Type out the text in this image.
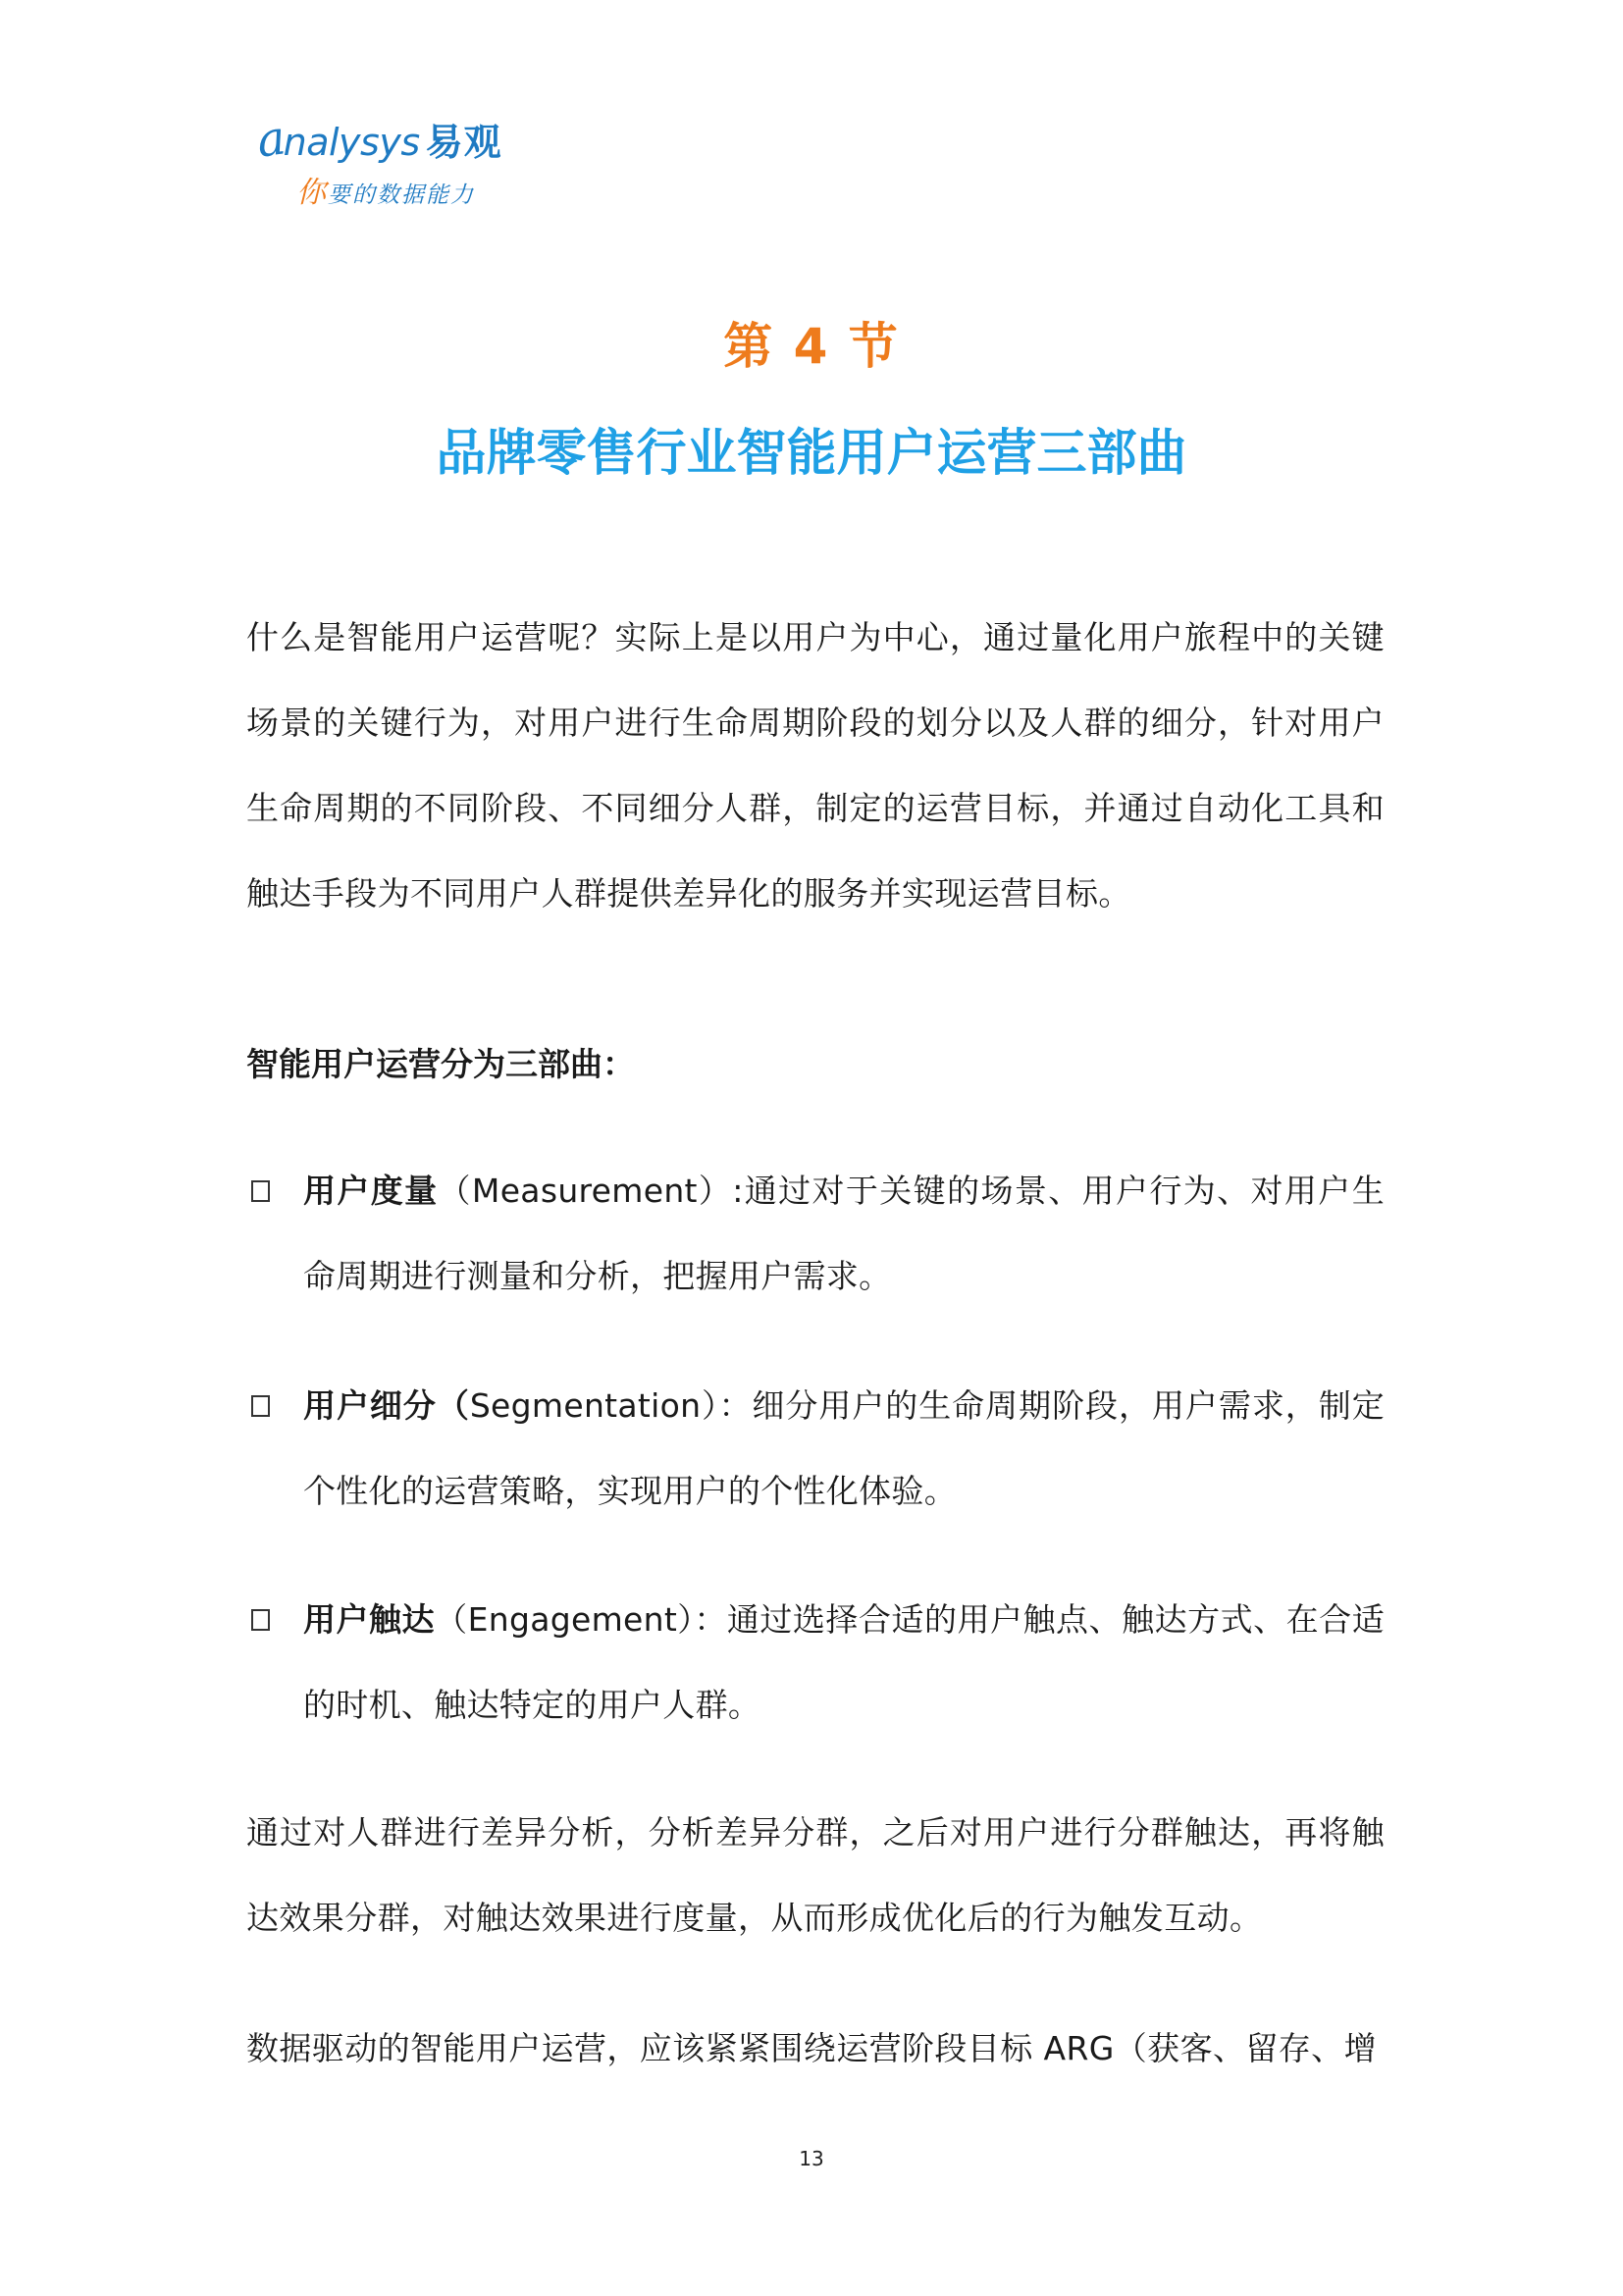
a
nalysys 易观
你要的数据能力
第 4 节
品牌零售行业智能用户运营三部曲
什么是智能用户运营呢？实际上是以用户为中心，通过量化用户旅程中的关键场景的关键行为，对用户进行生命周期阶段的划分以及人群的细分，针对用户生命周期的不同阶段、不同细分人群，制定的运营目标，并通过自动化工具和触达手段为不同用户人群提供差异化的服务并实现运营目标。
智能用户运营分为三部曲：
用户度量（Measurement）:通过对于关键的场景、用户行为、对用户生命周期进行测量和分析，把握用户需求。
用户细分（Segmentation）：细分用户的生命周期阶段，用户需求，制定个性化的运营策略，实现用户的个性化体验。
用户触达（Engagement）：通过选择合适的用户触点、触达方式、在合适的时机、触达特定的用户人群。
通过对人群进行差异分析，分析差异分群，之后对用户进行分群触达，再将触达效果分群，对触达效果进行度量，从而形成优化后的行为触发互动。
数据驱动的智能用户运营，应该紧紧围绕运营阶段目标 ARG（获客、留存、增
13
